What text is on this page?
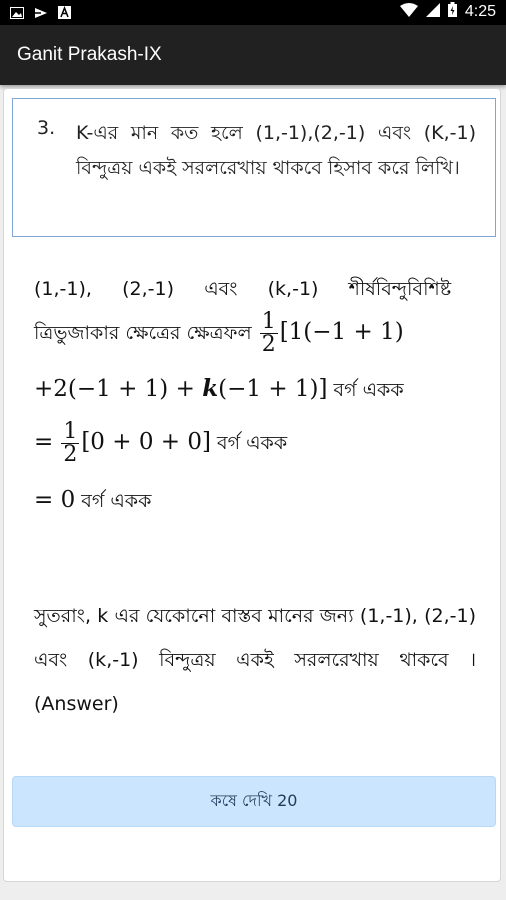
4:25
Ganit Prakash-IX
3. K-এর মান কত হলে (1,-1),(2,-1) এবং (K,-1) বিন্দুত্রয় একই সরলরেখায় থাকবে হিসাব করে লিখি।
(1,-1),     (2,-1)     এবং     (k,-1)     শীর্ষবিন্দুবিশিষ্ট
ত্রিভুজাকার ক্ষেত্রের ক্ষেত্রফল $\frac{1}{2} [1(-1 + 1)$
+2(−1 + 1) + k(−1 + 1)] বর্গ একক
= $\frac{1}{2} [0 + 0 + 0]$ বর্গ একক
= 0 বর্গ একক
সুতরাং, k এর যেকোনো বাস্তব মানের জন্য (1,-1), (2,-1) এবং (k,-1) বিন্দুত্রয় একই সরলরেখায় থাকবে । (Answer)
কষে দেখি 20
